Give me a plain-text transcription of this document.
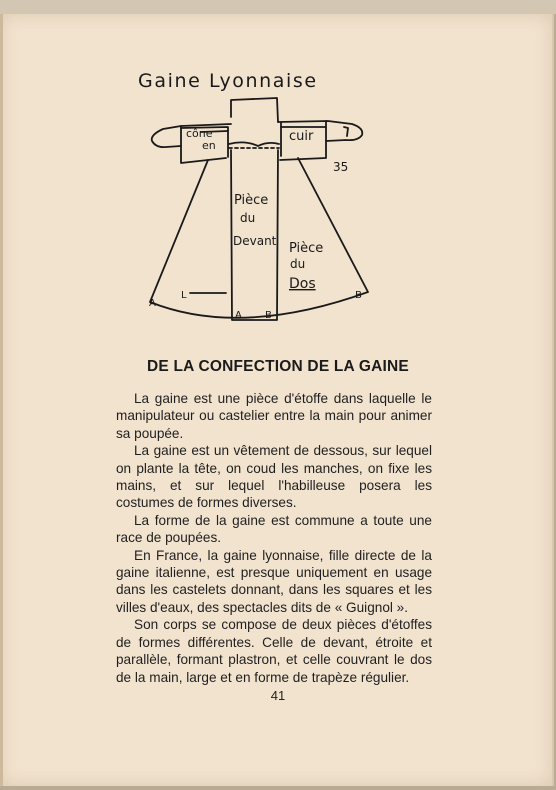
Gaine Lyonnaise
cône
en
cuir
35
Pièce
du
Devant Pièce
du
Dos
L
A
A B
B
DE LA CONFECTION DE LA GAINE

La gaine est une pièce d'étoffe dans laquelle le manipulateur ou castelier entre la main pour animer sa poupée.

La gaine est un vêtement de dessous, sur lequel on plante la tête, on coud les manches, on fixe les mains, et sur lequel l'habilleuse posera les costumes de formes diverses.

La forme de la gaine est commune a toute une race de poupées.

En France, la gaine lyonnaise, fille directe de la gaine italienne, est presque uniquement en usage dans les castelets donnant, dans les squares et les villes d'eaux, des spectacles dits de « Guignol ».

Son corps se compose de deux pièces d'étoffes de formes différentes. Celle de devant, étroite et parallèle, formant plastron, et celle couvrant le dos de la main, large et en forme de trapèze régulier.

41
